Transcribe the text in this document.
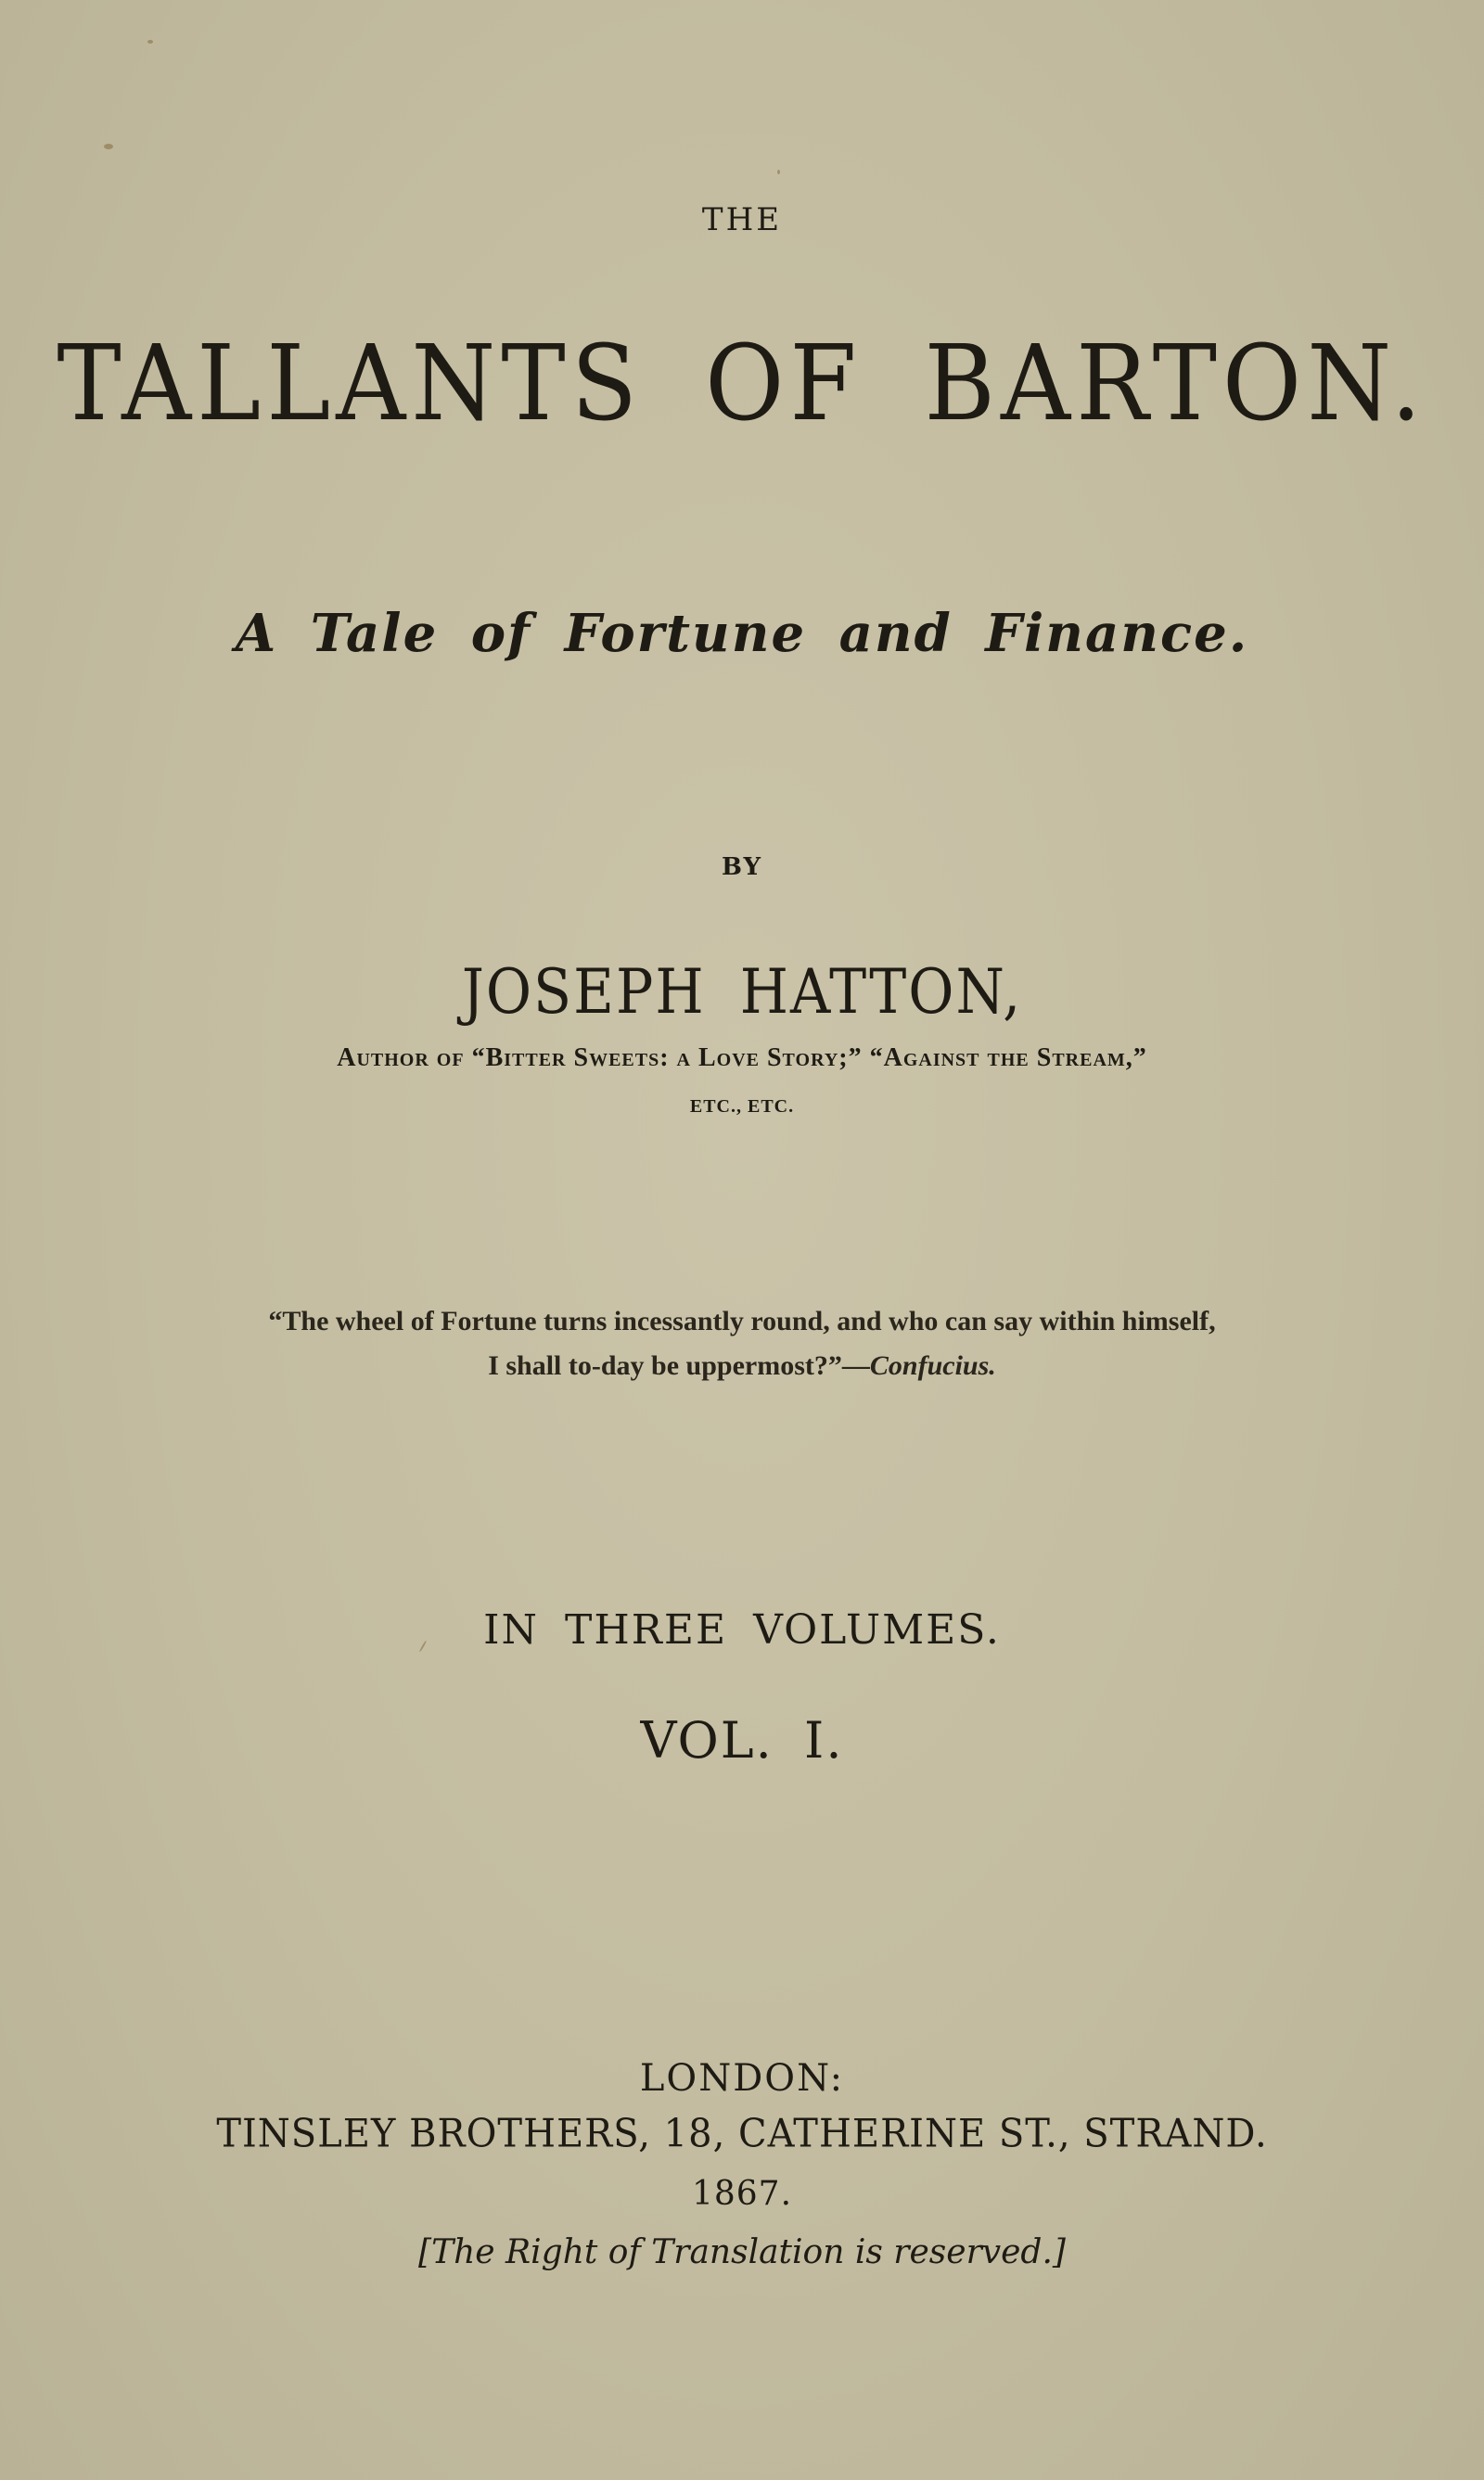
THE
TALLANTS OF BARTON.
A Tale of Fortune and Finance.
BY
JOSEPH HATTON,
Author of “Bitter Sweets: a Love Story;” “Against the Stream,”
ETC., ETC.
“The wheel of Fortune turns incessantly round, and who can say within himself,
I shall to-day be uppermost?”—Confucius.
IN THREE VOLUMES.
VOL. I.
LONDON:
TINSLEY BROTHERS, 18, CATHERINE ST., STRAND.
1867.
[The Right of Translation is reserved.]
